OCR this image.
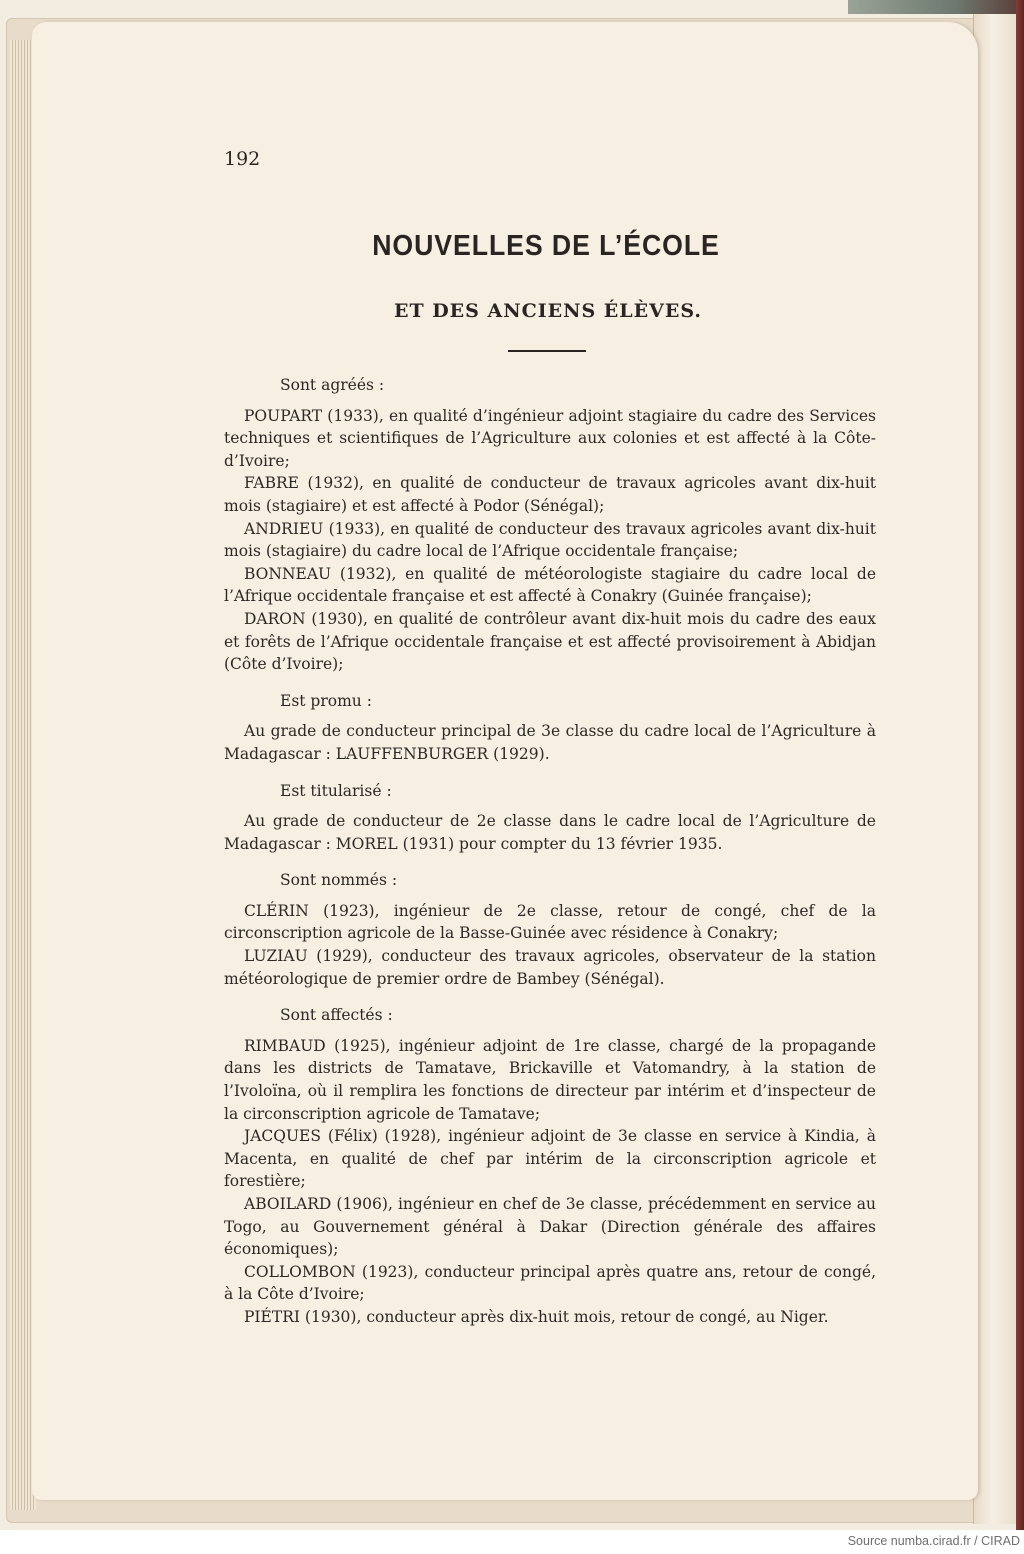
192
NOUVELLES DE L’ÉCOLE
ET DES ANCIENS ÉLÈVES.

Sont agréés :

POUPART (1933), en qualité d’ingénieur adjoint stagiaire du cadre des Services techniques et scientifiques de l’Agriculture aux colonies et est affecté à la Côte-d’Ivoire;

FABRE (1932), en qualité de conducteur de travaux agricoles avant dix-huit mois (stagiaire) et est affecté à Podor (Sénégal);

ANDRIEU (1933), en qualité de conducteur des travaux agricoles avant dix-huit mois (stagiaire) du cadre local de l’Afrique occidentale française;

BONNEAU (1932), en qualité de météorologiste stagiaire du cadre local de l’Afrique occidentale française et est affecté à Conakry (Guinée française);

DARON (1930), en qualité de contrôleur avant dix-huit mois du cadre des eaux et forêts de l’Afrique occidentale française et est affecté provisoirement à Abidjan (Côte d’Ivoire);

Est promu :

Au grade de conducteur principal de 3e classe du cadre local de l’Agriculture à Madagascar : LAUFFENBURGER (1929).

Est titularisé :

Au grade de conducteur de 2e classe dans le cadre local de l’Agriculture de Madagascar : MOREL (1931) pour compter du 13 février 1935.

Sont nommés :

CLÉRIN (1923), ingénieur de 2e classe, retour de congé, chef de la circonscription agricole de la Basse-Guinée avec résidence à Conakry;

LUZIAU (1929), conducteur des travaux agricoles, observateur de la station météorologique de premier ordre de Bambey (Sénégal).

Sont affectés :

RIMBAUD (1925), ingénieur adjoint de 1re classe, chargé de la propagande dans les districts de Tamatave, Brickaville et Vatomandry, à la station de l’Ivoloïna, où il remplira les fonctions de directeur par intérim et d’inspecteur de la circonscription agricole de Tamatave;

JACQUES (Félix) (1928), ingénieur adjoint de 3e classe en service à Kindia, à Macenta, en qualité de chef par intérim de la circonscription agricole et forestière;

ABOILARD (1906), ingénieur en chef de 3e classe, précédemment en service au Togo, au Gouvernement général à Dakar (Direction générale des affaires économiques);

COLLOMBON (1923), conducteur principal après quatre ans, retour de congé, à la Côte d’Ivoire;

PIÉTRI (1930), conducteur après dix-huit mois, retour de congé, au Niger.

Source numba.cirad.fr / CIRAD
